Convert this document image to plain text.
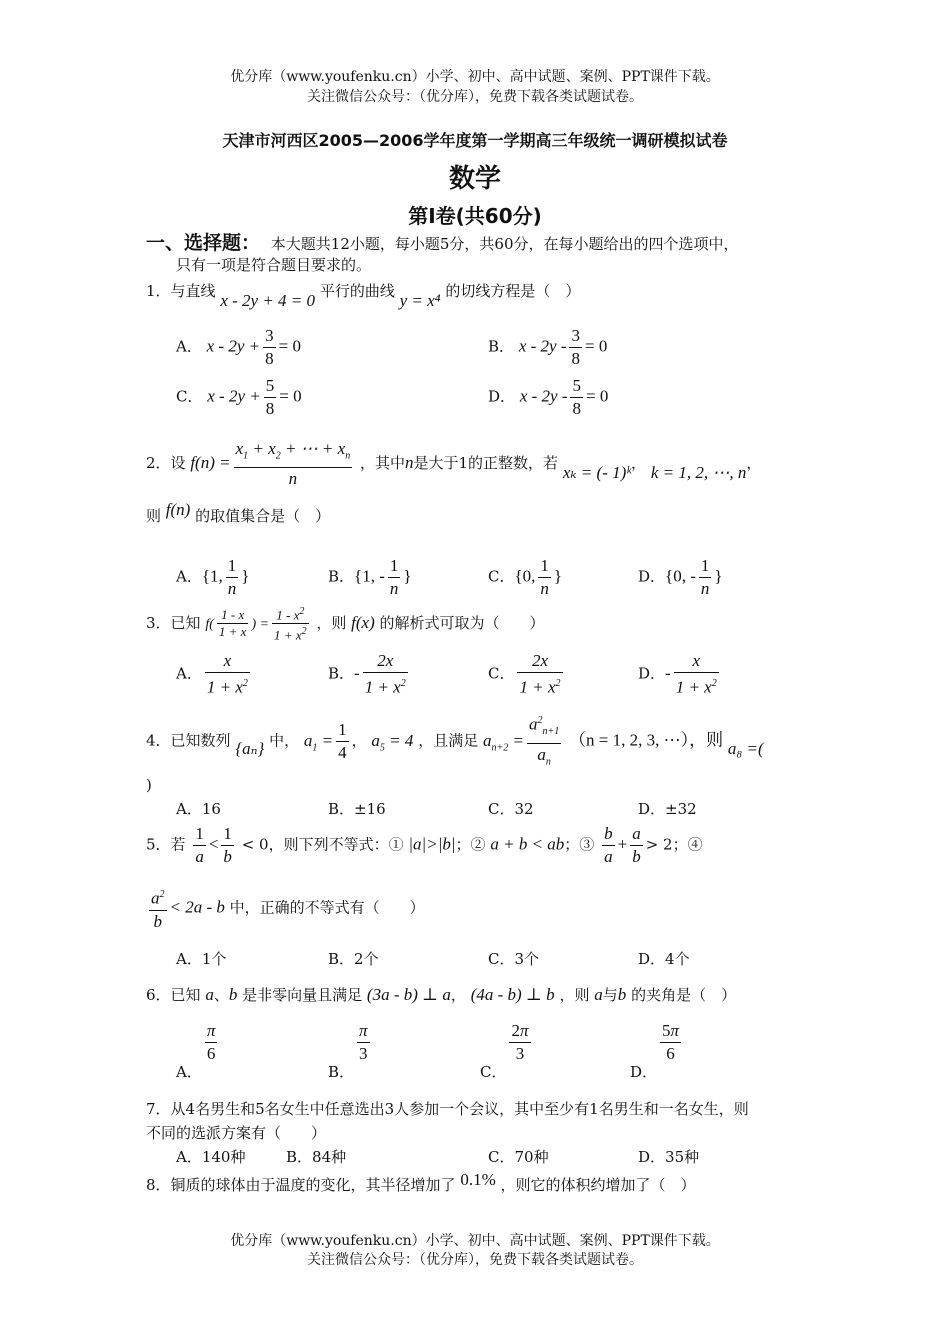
优分库（www.youfenku.cn）小学、初中、高中试题、案例、PPT课件下载。
关注微信公众号：（优分库），免费下载各类试题试卷。
天津市河西区2005—2006学年度第一学期高三年级统一调研模拟试卷
数学
第Ⅰ卷(共60分)
一、选择题： 本大题共12小题，每小题5分，共60分，在每小题给出的四个选项中，
只有一项是符合题目要求的。
1．与直线 x - 2y + 4 = 0 平行的曲线 y = x⁴ 的切线方程是（　）
A． $x - 2y + \frac{3}{8} = 0$	B． $x - 2y - \frac{3}{8} = 0$
C． $x - 2y + \frac{5}{8} = 0$	D． $x - 2y - \frac{5}{8} = 0$
2．设 $f(n) = \frac{x_1 + x_2 + \cdots + x_n}{n}$ ，其中n是大于1的正整数，若 xₖ = (- 1)ᵏ， k = 1, 2, ⋯, n，
则 f(n) 的取值集合是（　）
A．{1, $\frac{1}{n}$ }	B．{1, - $\frac{1}{n}$ }	C．{0, $\frac{1}{n}$ }	D．{0, - $\frac{1}{n}$ }
3．已知 $f( \frac{1 - x}{1 + x}$ ) = $\frac{1 - x^2}{1 + x^2}$ ，则 f(x) 的解析式可取为（　　）
A． $\frac{x}{1 + x^2}$	B．- $\frac{2x}{1 + x^2}$	C． $\frac{2x}{1 + x^2}$	D．- $\frac{x}{1 + x^2}$
4．已知数列 {aₙ} 中， $a_1 = \frac{1}{4}$ ， $a_5 = 4$ ，且满足 $a_{n+2} = \frac{a^2_{n+1}}{a_n} (n = 1$, 2, 3, ⋯），则 a₈ =(
)
A．16	B．±16	C．32	D．±32
5．若 $\frac{1}{a} < \frac{1}{b} < 0$，则下列不等式：① |a|>|b|；② a + b < ab；③ $\frac{b}{a} + \frac{a}{b} > 2$；④
$\frac{a^2}{b} < 2a - b$ 中，正确的不等式有（　　）
A．1个	B．2个	C．3个	D．4个
6．已知 a、b 是非零向量且满足 (3a - b) ⊥ a， (4a - b) ⊥ b ，则 a与b 的夹角是（　）
A．
$\frac{\pi}{6}$
B．
$\frac{\pi}{3}$
C．
$\frac{2\pi}{3}$
D．
$\frac{5\pi}{6}$
7．从4名男生和5名女生中任意选出3人参加一个会议，其中至少有1名男生和一名女生，则
不同的选派方案有（　　）
A．140种	B．84种	C．70种	D．35种
8．铜质的球体由于温度的变化，其半径增加了 0.1% ，则它的体积约增加了（　）
优分库（www.youfenku.cn）小学、初中、高中试题、案例、PPT课件下载。
关注微信公众号：（优分库），免费下载各类试题试卷。
